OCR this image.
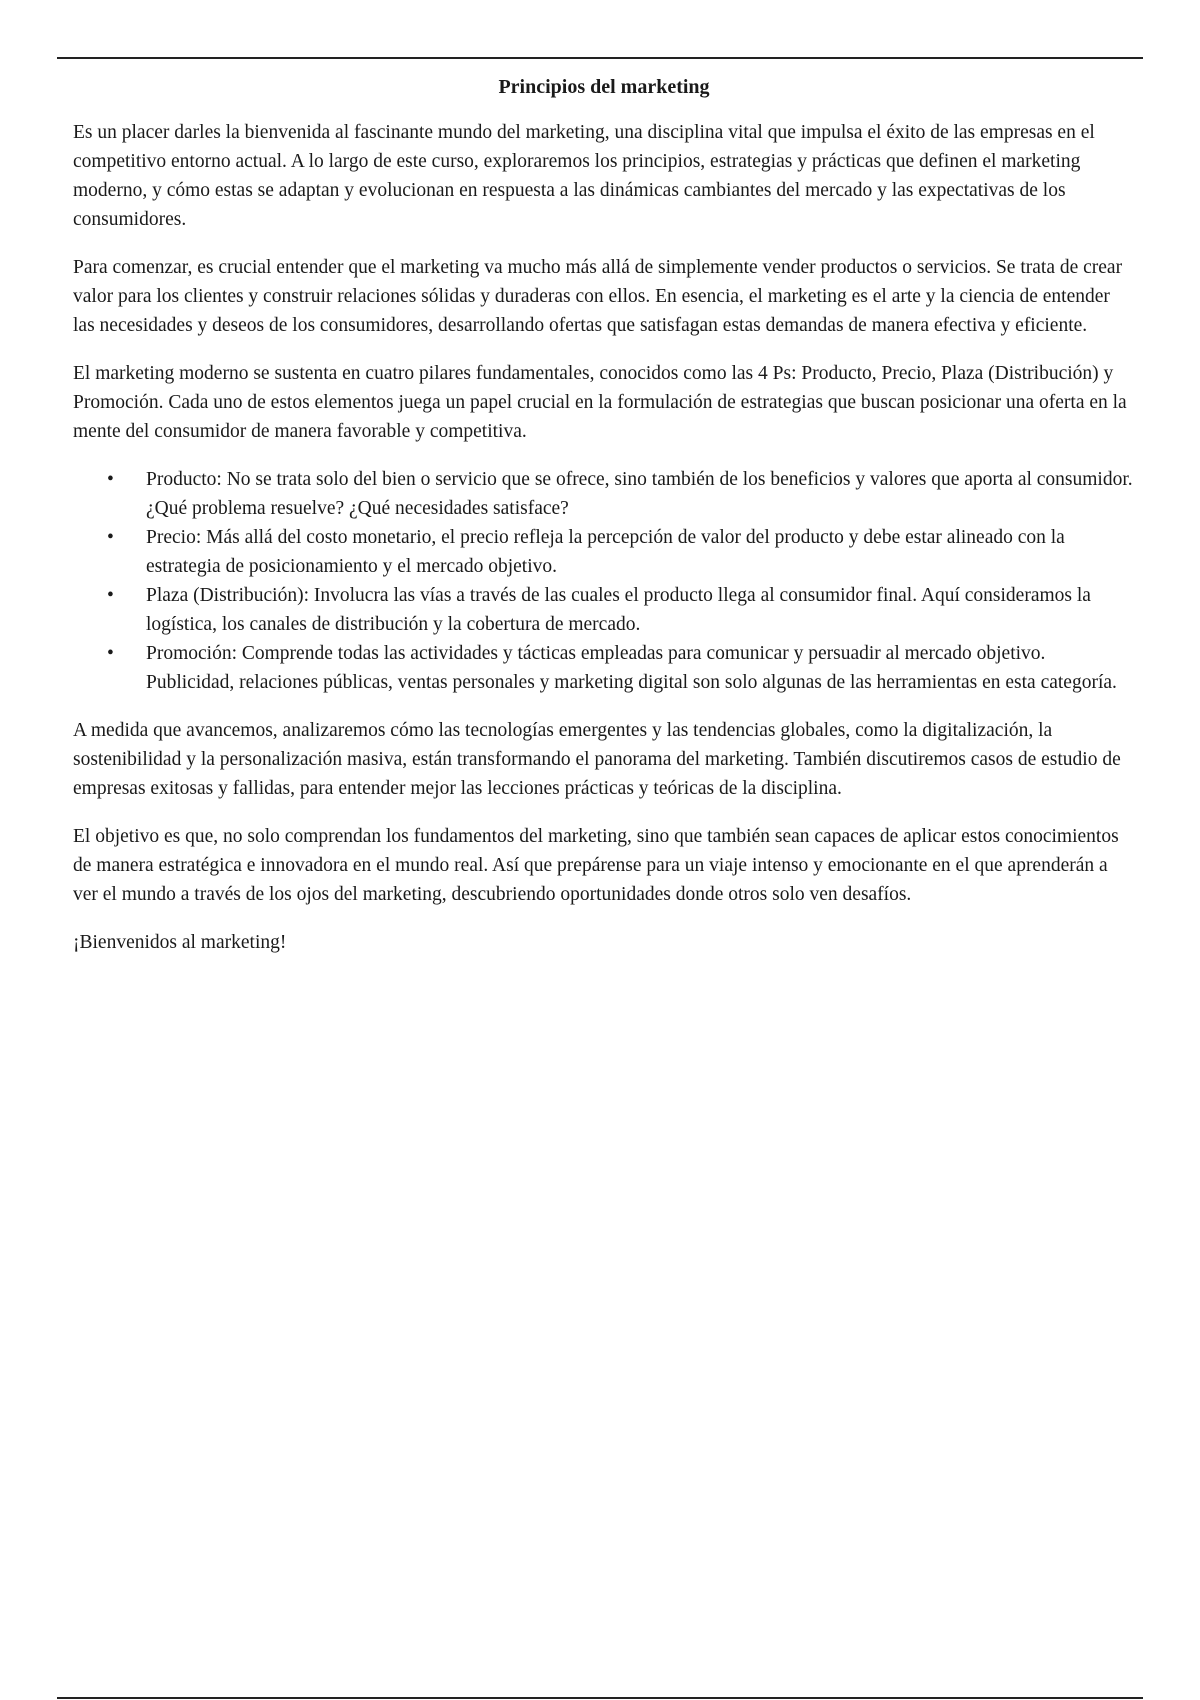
Principios del marketing

Es un placer darles la bienvenida al fascinante mundo del marketing, una disciplina vital que impulsa el éxito de las empresas en el competitivo entorno actual. A lo largo de este curso, exploraremos los principios, estrategias y prácticas que definen el marketing moderno, y cómo estas se adaptan y evolucionan en respuesta a las dinámicas cambiantes del mercado y las expectativas de los consumidores.

Para comenzar, es crucial entender que el marketing va mucho más allá de simplemente vender productos o servicios. Se trata de crear valor para los clientes y construir relaciones sólidas y duraderas con ellos. En esencia, el marketing es el arte y la ciencia de entender las necesidades y deseos de los consumidores, desarrollando ofertas que satisfagan estas demandas de manera efectiva y eficiente.

El marketing moderno se sustenta en cuatro pilares fundamentales, conocidos como las 4 Ps: Producto, Precio, Plaza (Distribución) y Promoción. Cada uno de estos elementos juega un papel crucial en la formulación de estrategias que buscan posicionar una oferta en la mente del consumidor de manera favorable y competitiva.

• Producto: No se trata solo del bien o servicio que se ofrece, sino también de los beneficios y valores que aporta al consumidor. ¿Qué problema resuelve? ¿Qué necesidades satisface?
• Precio: Más allá del costo monetario, el precio refleja la percepción de valor del producto y debe estar alineado con la estrategia de posicionamiento y el mercado objetivo.
• Plaza (Distribución): Involucra las vías a través de las cuales el producto llega al consumidor final. Aquí consideramos la logística, los canales de distribución y la cobertura de mercado.
• Promoción: Comprende todas las actividades y tácticas empleadas para comunicar y persuadir al mercado objetivo. Publicidad, relaciones públicas, ventas personales y marketing digital son solo algunas de las herramientas en esta categoría.

A medida que avancemos, analizaremos cómo las tecnologías emergentes y las tendencias globales, como la digitalización, la sostenibilidad y la personalización masiva, están transformando el panorama del marketing. También discutiremos casos de estudio de empresas exitosas y fallidas, para entender mejor las lecciones prácticas y teóricas de la disciplina.

El objetivo es que, no solo comprendan los fundamentos del marketing, sino que también sean capaces de aplicar estos conocimientos de manera estratégica e innovadora en el mundo real. Así que prepárense para un viaje intenso y emocionante en el que aprenderán a ver el mundo a través de los ojos del marketing, descubriendo oportunidades donde otros solo ven desafíos.

¡Bienvenidos al marketing!
